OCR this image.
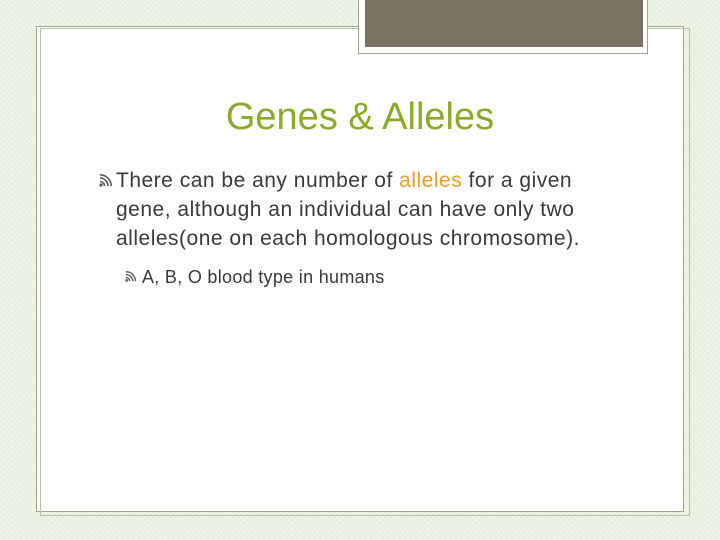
Genes & Alleles
There can be any number of alleles for a given gene, although an individual can have only two alleles(one on each homologous chromosome).
A, B, O blood type in humans
